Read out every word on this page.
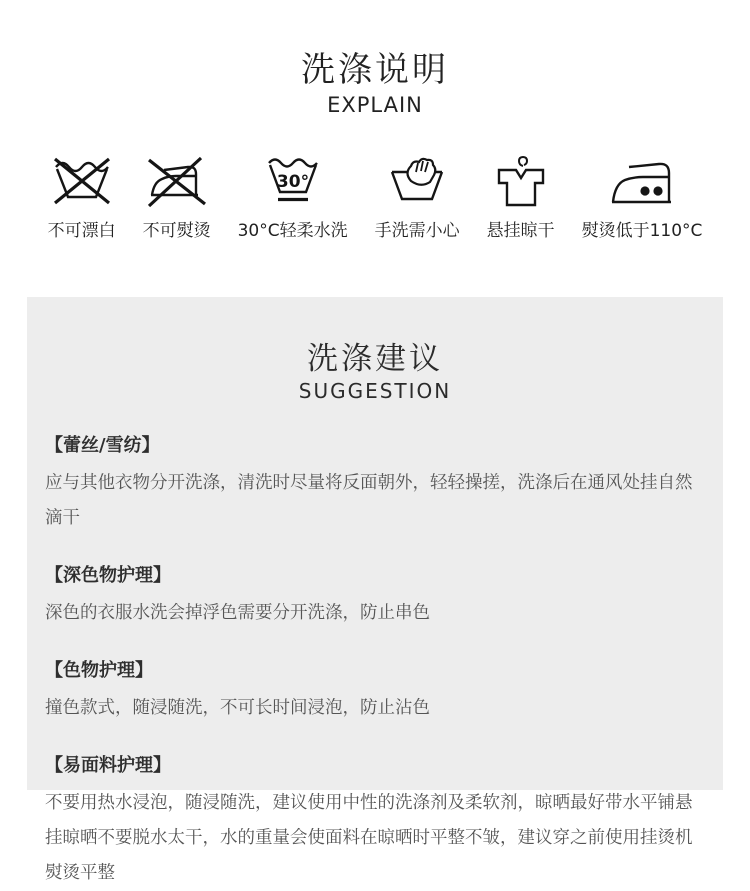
洗涤说明
EXPLAIN
不可漂白 不可熨烫
30°
30°C轻柔水洗 手洗需小心 悬挂晾干 熨烫低于110°C
洗涤建议
SUGGESTION
【蕾丝/雪纺】
应与其他衣物分开洗涤，清洗时尽量将反面朝外，轻轻操搓，洗涤后在通风处挂自然滴干
【深色物护理】
深色的衣服水洗会掉浮色需要分开洗涤，防止串色
【色物护理】
撞色款式，随浸随洗，不可长时间浸泡，防止沾色
【易面料护理】
不要用热水浸泡，随浸随洗，建议使用中性的洗涤剂及柔软剂，晾晒最好带水平铺悬挂晾晒不要脱水太干，水的重量会使面料在晾晒时平整不皱，建议穿之前使用挂烫机熨烫平整
